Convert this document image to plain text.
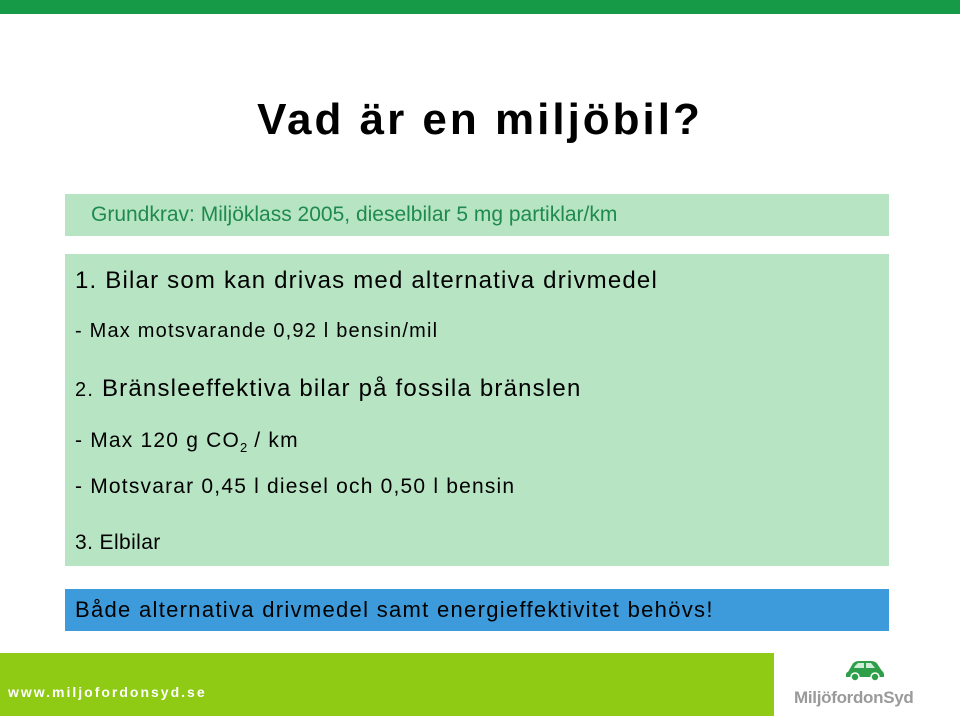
Vad är en miljöbil?
Grundkrav: Miljöklass 2005, dieselbilar 5 mg partiklar/km
1. Bilar som kan drivas med alternativa drivmedel
- Max motsvarande 0,92 l bensin/mil
2. Bränsleeffektiva bilar på fossila bränslen
- Max 120 g $CO_2$ / km
- Motsvarar 0,45 l diesel och 0,50 l bensin
3. Elbilar
Både alternativa drivmedel samt energieffektivitet behövs!
www.miljofordonsyd.se	MiljöfordonSyd
